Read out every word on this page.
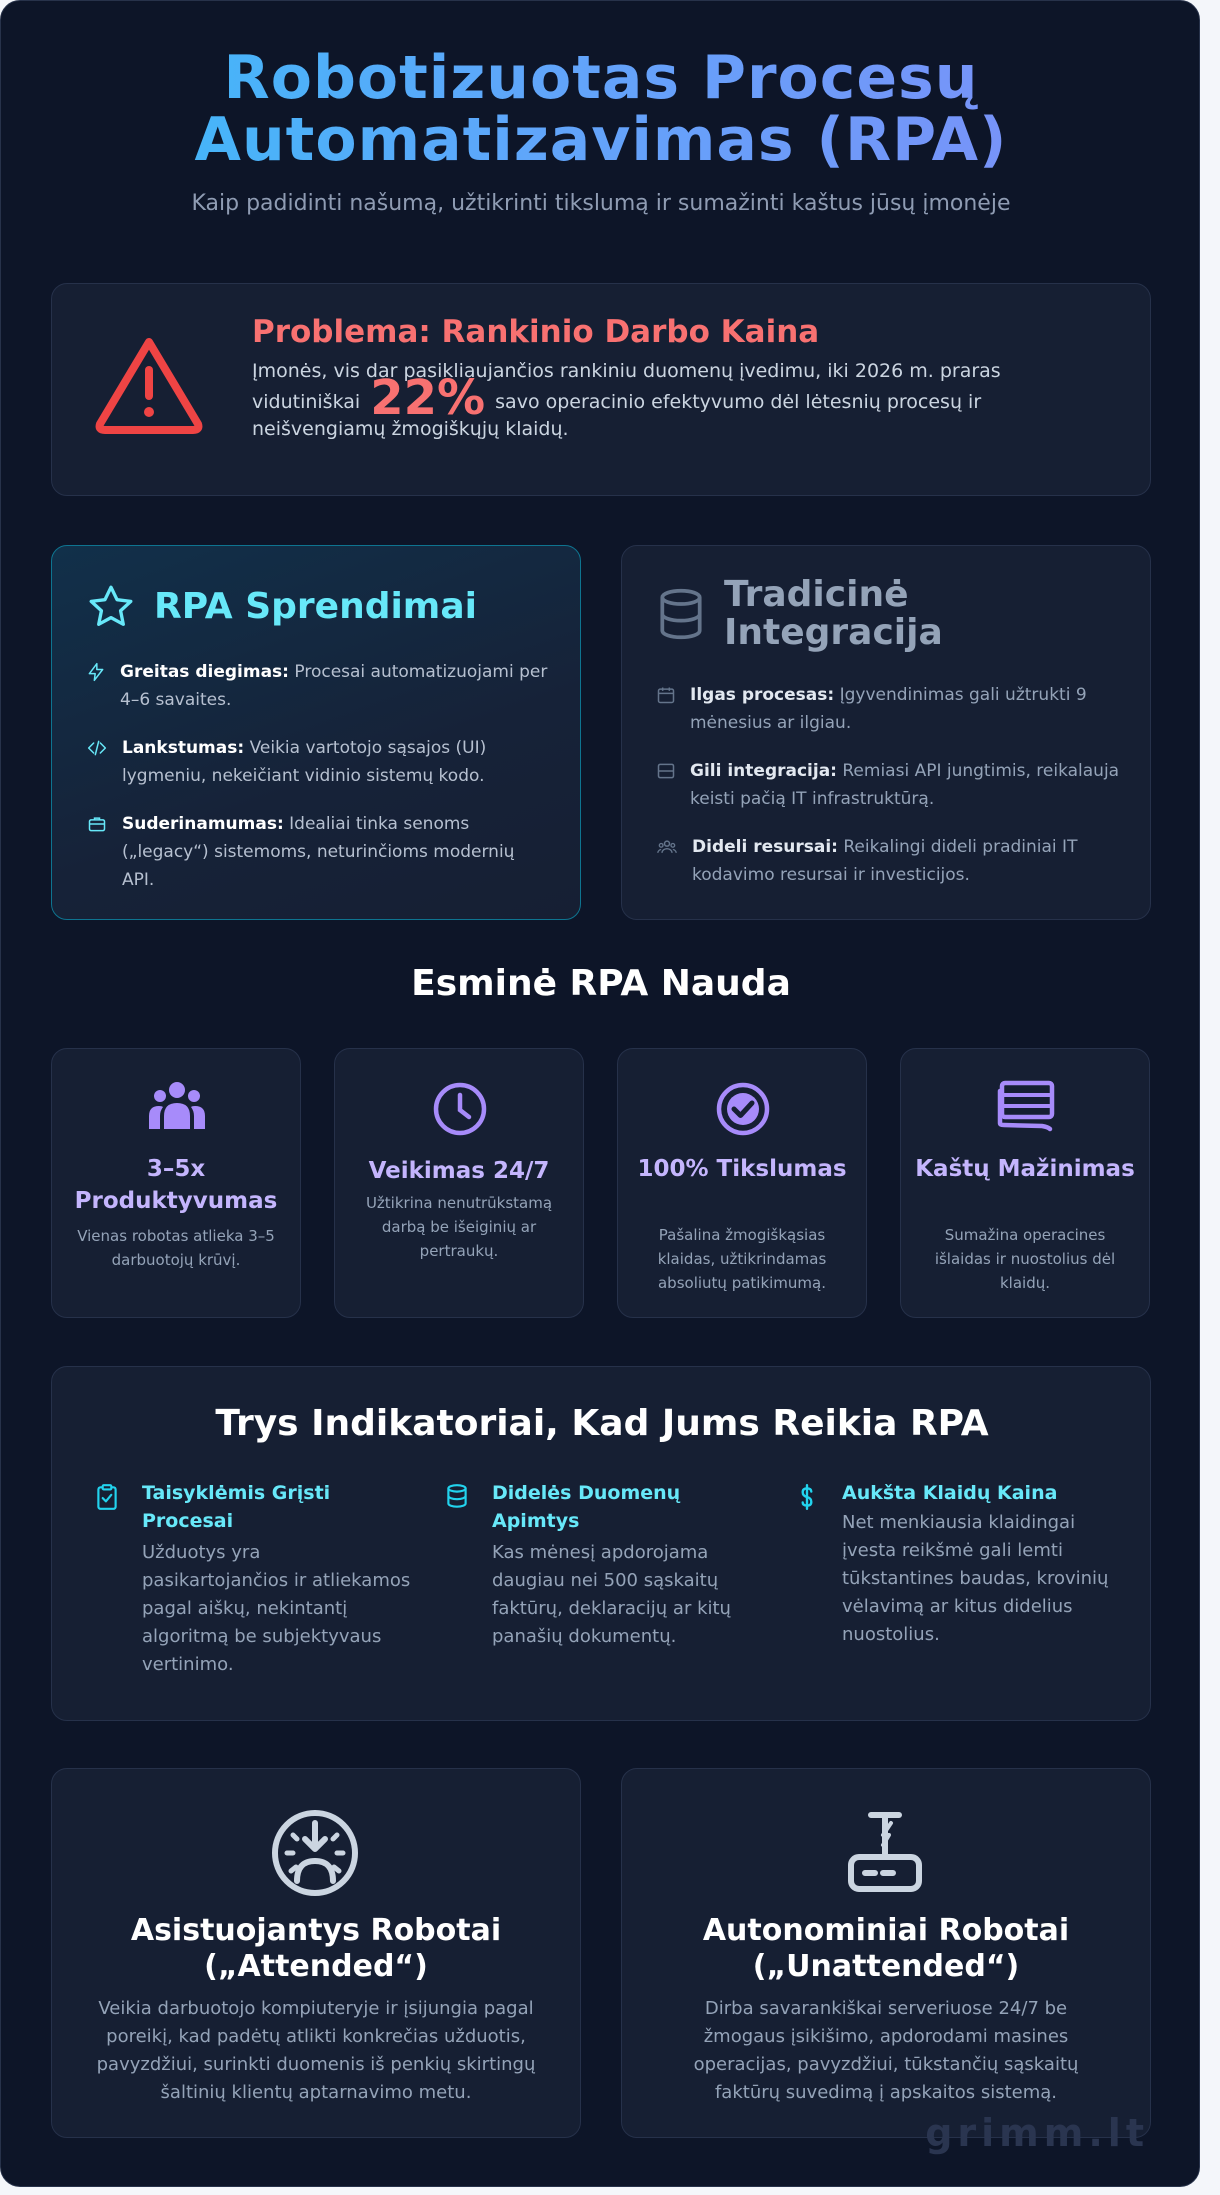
Robotizuotas Procesų
Automatizavimas (RPA)
Kaip padidinti našumą, užtikrinti tikslumą ir sumažinti kaštus jūsų įmonėje
Problema: Rankinio Darbo Kaina
Įmonės, vis dar pasikliaujančios rankiniu duomenų įvedimu, iki 2026 m. praras vidutiniškai 22% savo operacinio efektyvumo dėl lėtesnių procesų ir neišvengiamų žmogiškųjų klaidų.
RPA Sprendimai
Greitas diegimas: Procesai automatizuojami per 4–6 savaites.
Lankstumas: Veikia vartotojo sąsajos (UI) lygmeniu, nekeičiant vidinio sistemų kodo.
Suderinamumas: Idealiai tinka senoms („legacy“) sistemoms, neturinčioms modernių API.
Tradicinė
Integracija
Ilgas procesas: Įgyvendinimas gali užtrukti 9 mėnesius ar ilgiau.
Gili integracija: Remiasi API jungtimis, reikalauja keisti pačią IT infrastruktūrą.
Dideli resursai: Reikalingi dideli pradiniai IT kodavimo resursai ir investicijos.
Esminė RPA Nauda
3–5x Produktyvumas
Vienas robotas atlieka 3–5 darbuotojų krūvį.
Veikimas 24/7
Užtikrina nenutrūkstamą darbą be išeiginių ar pertraukų.
100% Tikslumas
Pašalina žmogiškąsias klaidas, užtikrindamas absoliutų patikimumą.
Kaštų Mažinimas
Sumažina operacines išlaidas ir nuostolius dėl klaidų.
Trys Indikatoriai, Kad Jums Reikia RPA
Taisyklėmis Grįsti Procesai
Užduotys yra pasikartojančios ir atliekamos pagal aiškų, nekintantį algoritmą be subjektyvaus vertinimo.
Didelės Duomenų Apimtys
Kas mėnesį apdorojama daugiau nei 500 sąskaitų faktūrų, deklaracijų ar kitų panašių dokumentų.
Aukšta Klaidų Kaina
Net menkiausia klaidingai įvesta reikšmė gali lemti tūkstantines baudas, krovinių vėlavimą ar kitus didelius nuostolius.
Asistuojantys Robotai
(„Attended“)
Veikia darbuotojo kompiuteryje ir įsijungia pagal poreikį, kad padėtų atlikti konkrečias užduotis, pavyzdžiui, surinkti duomenis iš penkių skirtingų šaltinių klientų aptarnavimo metu.
Autonominiai Robotai
(„Unattended“)
Dirba savarankiškai serveriuose 24/7 be žmogaus įsikišimo, apdorodami masines operacijas, pavyzdžiui, tūkstančių sąskaitų faktūrų suvedimą į apskaitos sistemą.
grimm.lt
